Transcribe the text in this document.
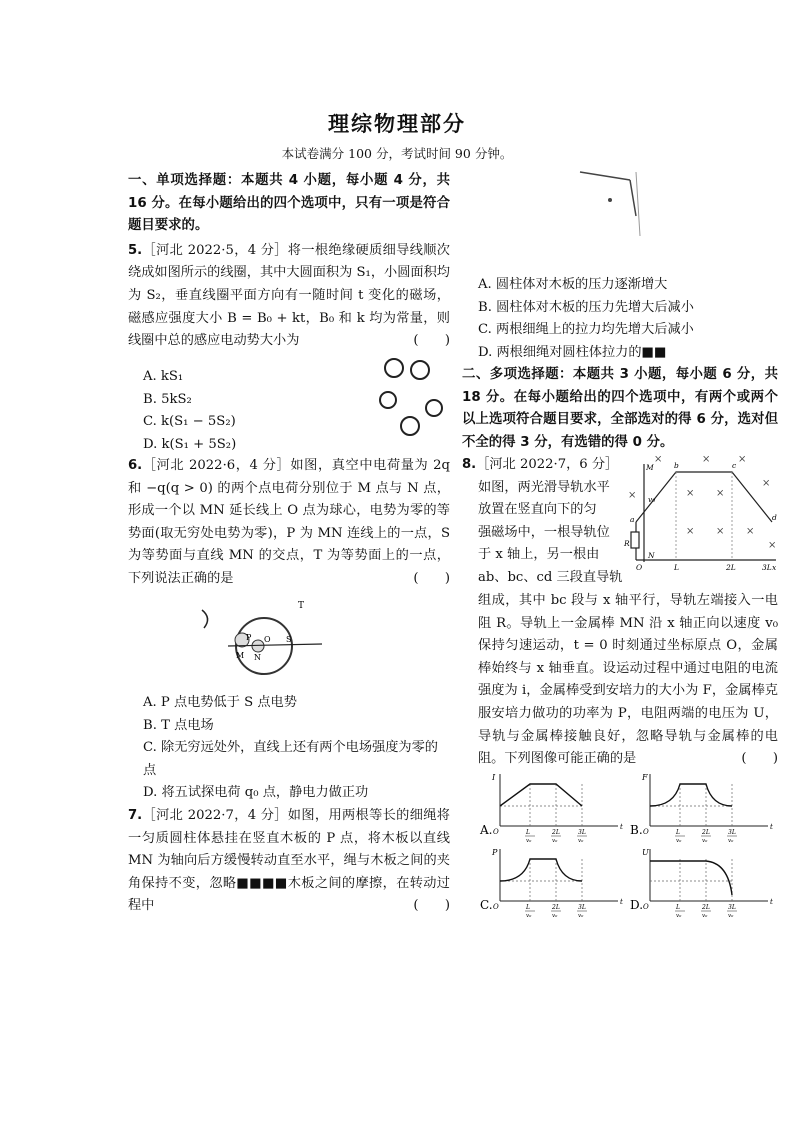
理综物理部分
本试卷满分 100 分，考试时间 90 分钟。
一、单项选择题：本题共 4 小题，每小题 4 分，共 16 分。在每小题给出的四个选项中，只有一项是符合题目要求的。
5.［河北 2022·5，4 分］将一根绝缘硬质细导线顺次绕成如图所示的线圈，其中大圆面积为 S₁，小圆面积均为 S₂，垂直线圈平面方向有一随时间 t 变化的磁场，磁感应强度大小 B = B₀ + kt，B₀ 和 k 均为常量，则线圈中总的感应电动势大小为	(　　)
A. kS₁
B. 5kS₂
C. k(S₁ − 5S₂)
D. k(S₁ + 5S₂)
6.［河北 2022·6，4 分］如图，真空中电荷量为 2q 和 −q(q > 0) 的两个点电荷分别位于 M 点与 N 点，形成一个以 MN 延长线上 O 点为球心，电势为零的等势面(取无穷处电势为零)，P 为 MN 连线上的一点，S 为等势面与直线 MN 的交点，T 为等势面上的一点，下列说法正确的是	(　　)
T
M N
P O S
A. P 点电势低于 S 点电势
B. T 点电场
C. 除无穷远处外，直线上还有两个电场强度为零的点
D. 将五试探电荷 q₀ 点，静电力做正功
7.［河北 2022·7，4 分］如图，用两根等长的细绳将一匀质圆柱体悬挂在竖直木板的 P 点，将木板以直线 MN 为轴向后方缓慢转动直至水平，绳与木板之间的夹角保持不变，忽略■■■■木板之间的摩擦，在转动过程中	(　　)
A. 圆柱体对木板的压力逐渐增大
B. 圆柱体对木板的压力先增大后减小
C. 两根细绳上的拉力均先增大后减小
D. 两根细绳对圆柱体拉力的■■
二、多项选择题：本题共 3 小题，每小题 6 分，共 18 分。在每小题给出的四个选项中，有两个或两个以上选项符合题目要求，全部选对的得 6 分，选对但不全的得 3 分，有选错的得 0 分。
8.［河北 2022·7，6 分］
如图，两光滑导轨水平
放置在竖直向下的匀
强磁场中，一根导轨位
于 x 轴上，另一根由
ab、bc、cd 三段直导轨
组成，其中 bc 段与 x 轴平行，导轨左端接入一电阻 R。导轨上一金属棒 MN 沿 x 轴正向以速度 v₀ 保持匀速运动，t = 0 时刻通过坐标原点 O，金属棒始终与 x 轴垂直。设运动过程中通过电阻的电流强度为 i，金属棒受到安培力的大小为 F，金属棒克服安培力做功的功率为 P，电阻两端的电压为 U，导轨与金属棒接触良好，忽略导轨与金属棒的电阻。下列图像可能正确的是	(　　)
×	×	×
×
×	× ×
× × ×
×
M
N
R
O
a
b	c
d
v₀
x
L	2L	3L
A.
I
O
t
L
v₀
2L
v₀
3L
v₀
B.
F
O
t
L
v₀
2L
v₀
3L
v₀
C.
P
O
t
L
v₀
2L
v₀
3L
v₀
D.
U
O
t
L
v₀
2L
v₀
3L
v₀
